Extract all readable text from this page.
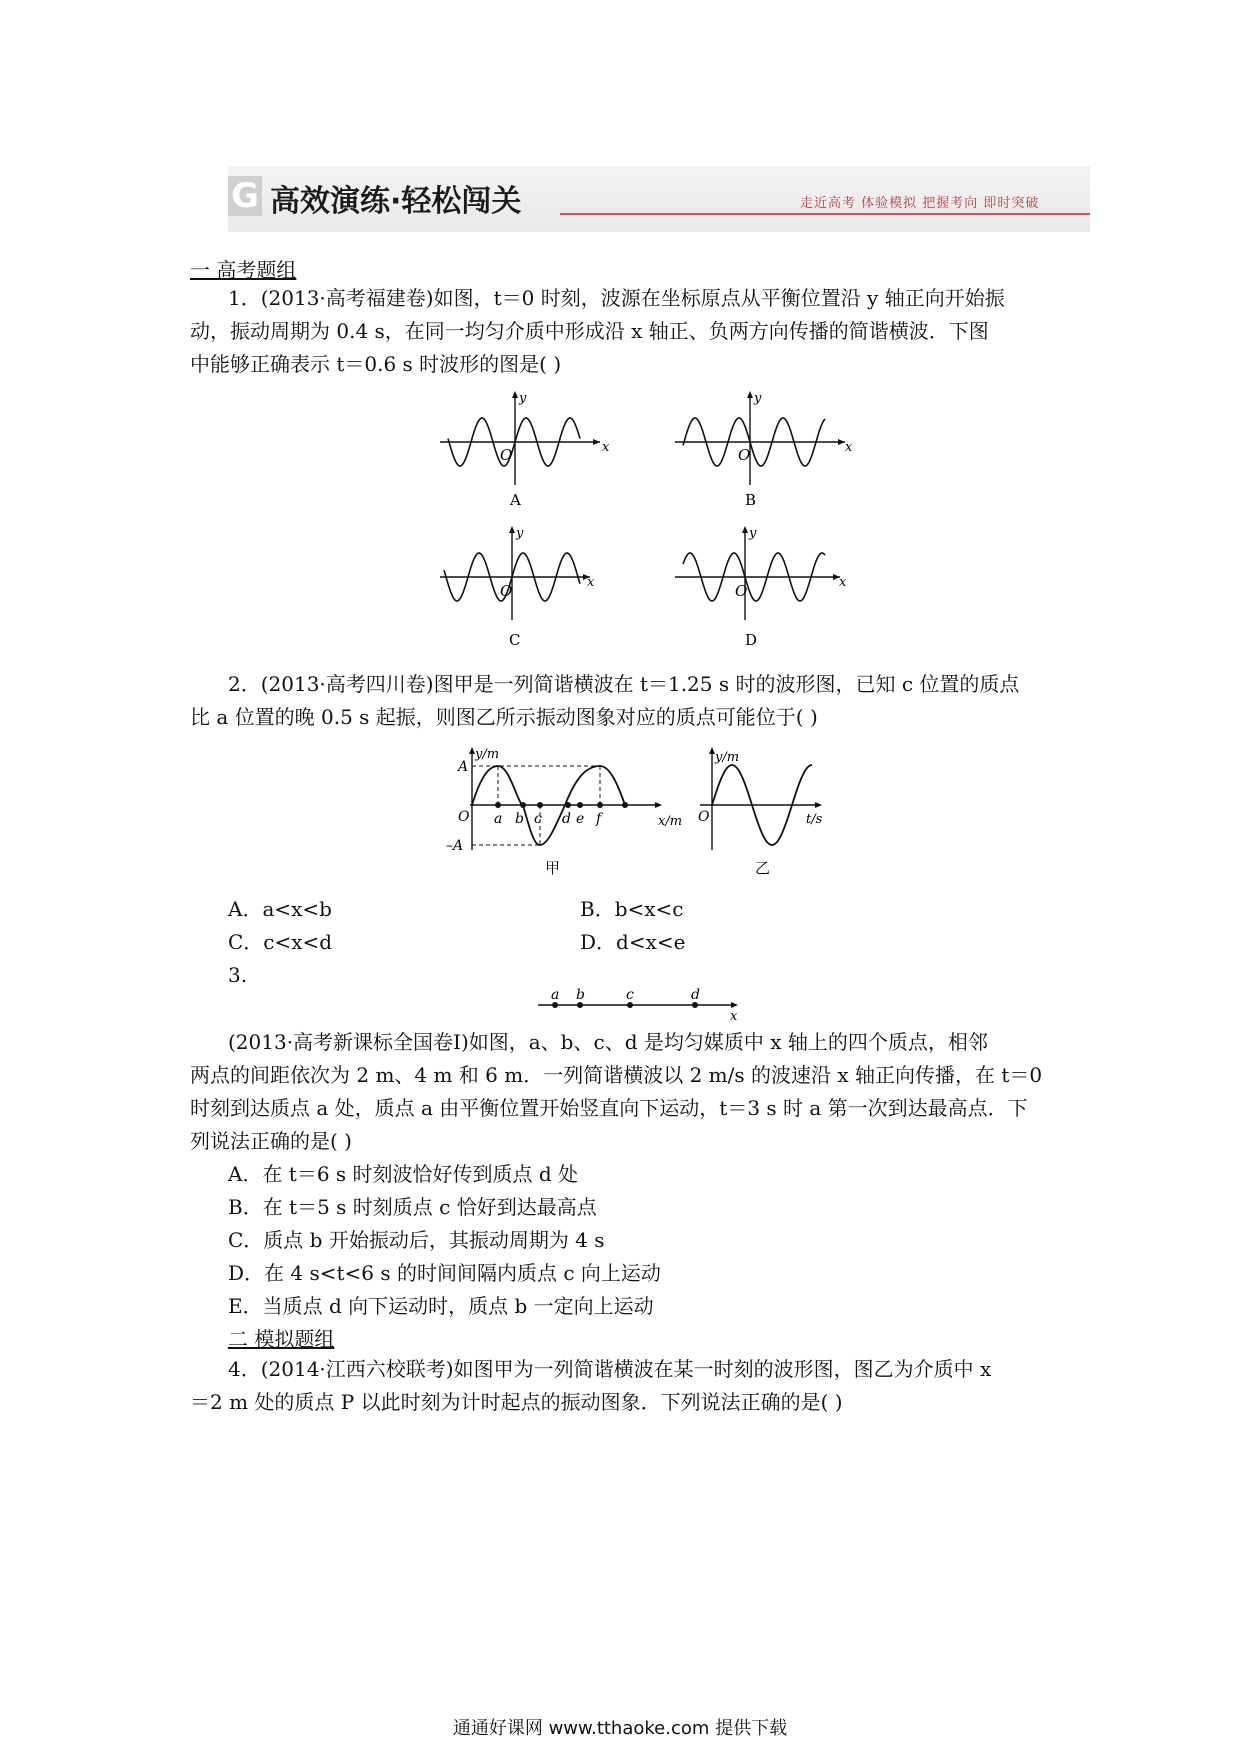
G 高效演练·轻松闯关	走近高考 体验模拟 把握考向 即时突破
一 高考题组
1．(2013·高考福建卷)如图，t＝0 时刻，波源在坐标原点从平衡位置沿 y 轴正向开始振
动，振动周期为 0.4 s，在同一均匀介质中形成沿 x 轴正、负两方向传播的简谐横波．下图
中能够正确表示 t＝0.6 s 时波形的图是( )
y
x
O
A
y
x
O
B
y
x
O
C
y
x
O
D
2．(2013·高考四川卷)图甲是一列简谐横波在 t＝1.25 s 时的波形图，已知 c 位置的质点
比 a 位置的晚 0.5 s 起振，则图乙所示振动图象对应的质点可能位于( )
y/m
x/m
O
A
–A
a b c d e f
甲
y/m
t/s
O
乙
A．a<x<b	B．b<x<c
C．c<x<d	D．d<x<e
3.
a b	c	d
x
(2013·高考新课标全国卷Ⅰ)如图，a、b、c、d 是均匀媒质中 x 轴上的四个质点，相邻
两点的间距依次为 2 m、4 m 和 6 m．一列简谐横波以 2 m/s 的波速沿 x 轴正向传播，在 t＝0
时刻到达质点 a 处，质点 a 由平衡位置开始竖直向下运动，t＝3 s 时 a 第一次到达最高点．下
列说法正确的是( )
A．在 t＝6 s 时刻波恰好传到质点 d 处
B．在 t＝5 s 时刻质点 c 恰好到达最高点
C．质点 b 开始振动后，其振动周期为 4 s
D．在 4 s<t<6 s 的时间间隔内质点 c 向上运动
E．当质点 d 向下运动时，质点 b 一定向上运动
二 模拟题组
4．(2014·江西六校联考)如图甲为一列简谐横波在某一时刻的波形图，图乙为介质中 x
＝2 m 处的质点 P 以此时刻为计时起点的振动图象．下列说法正确的是( )
通通好课网 www.tthaoke.com 提供下载
